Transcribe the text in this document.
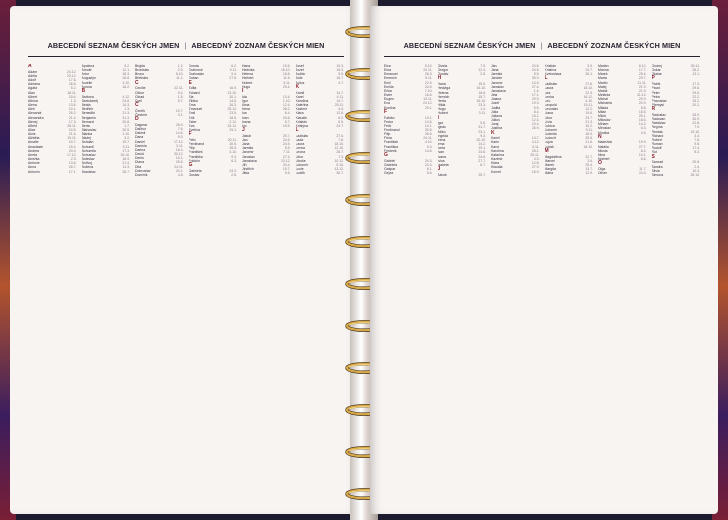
ABECEDNÍ SEZNAM ČESKÝCH JMEN | ABECEDNÝ ZOZNAM ČESKÝCH MIEN
A
Adam	24.12.
Adéla	23.12.
Adolf	17.6.
Adriana	26.8.
Agáta	5.2.
Alan	18.11.
Albert	20.4.
Albína	1.3.
Alena	13.8.
Aleš	10.1.
Alexandr	26.2.
Alexandra	21.4.
Alexej	17.3.
Alfréd	28.11.
Alice	10.5.
Alois	21.6.
Alžběta	19.11.
Amálie	10.7.
Anastázie	15.4.
Andrea	24.9.
Aneta	17.12.
Anežka	2.3.
Antonie	13.6.
Anna	26.7.
Antonín	17.1.
Apolena	9.2.
Arnošt	12.1.
Artur	18.3.
Augustýn	28.8.
Aurelie	3.10.
Aurora	16.2.
B
Barbora	4.12.
Bartoloměj	24.8.
Beáta	14.3.
Bedřich	1.3.
Benedikt	21.3.
Benjamín	31.3.
Bernard	20.8.
Berta	1.7.
Blahoslav	30.5.
Blanka	1.10.
Blažej	3.2.
Bohdan	19.7.
Bohumil	9.11.
Bohumila	17.3.
Bohuslav	26.10.
Boleslav	16.9.
Bořivoj	21.4.
Božena	11.3.
Branislav	26.7.
Brigita	1.2.
Bronislav	2.9.
Bruno	6.10.
Břetislav	11.1.
C
Cecílie	22.11.
Ctibor	9.4.
Ctirad	1.5.
Cyril	5.7.
Č
Čeněk	19.7.
Čestmír	3.1.
D
Dagmar	28.9.
Dalibor	7.6.
Dalimil	14.6.
Dana	9.9.
Daniel	17.12.
Daniela	3.11.
Darina	18.3.
David	30.12.
Denis	10.1.
Diana	25.5.
Dita	24.11.
Dobroslav	24.1.
Dominik	4.8.
Dorota	6.2.
Drahomír	9.11.
Drahoslav	9.4.
Dušan	27.5.
E
Edita	16.9.
Eduard	13.10.
Ela	20.1.
Eliška	14.6.
Ema	26.3.
Emanuel	25.12.
Emil	23.5.
Erik	18.5.
Ester	2.12.
Eva	24.12.
Evelína	29.1.
F
Felix	20.11.
Ferdinand	30.5.
Filip	26.5.
František	4.10.
Františka	9.3.
Fridolín	6.3.
G
Gabriela	24.3.
Gustav	2.8.
Hana	15.5.
Hedvika	16.10.
Helena	18.8.
Herbert	11.6.
Hubert	3.11.
Hugo	29.4.
I
Ida	13.4.
Igor	1.10.
Ilona	12.4.
Irena	28.2.
Iva	6.4.
Ivan	24.6.
Ivana	5.7.
Ivo	19.5.
J
Jakub	25.7.
Jan	24.6.
Jana	24.5.
Jarmila	5.5.
Jaromír	7.11.
Jaroslav	27.4.
Jaroslava	23.12.
Jiří	24.4.
Jindřich	15.7.
Jitka	9.5.
Josef	19.3.
Jozef	19.3.
Judita	5.5.
Julie	16.7.
Julius	4.7.
K
Kamil	14.7.
Karel	4.11.
Karolína	14.7.
Kateřina	25.11.
Kazimír	4.3.
Klára	12.8.
Klaudie	6.2.
Kristián	6.5.
Kristýna	24.7.
L
Ladislav	27.6.
Lada	7.8.
Laura	18.10.
Lenka	12.10.
Leona	28.7.
Libor	7.3.
Libuše	10.12.
Lubomír	5.10.
Lucie	13.12.
Luděk	30.7.
ABECEDNÍ SEZNAM ČESKÝCH JMEN | ABECEDNÝ ZOZNAM ČESKÝCH MIEN
Elza	5.10.
Ema	24.11.
Emanuel	26.3.
Emerich	5.11.
Emil	22.5.
Emília	24.5.
Erika	7.10.
Ester	16.6.
Eugen	13.11.
Eva	24.12.
Evelína	29.1.
F
Fabián	19.1.
Fedor	14.6.
Felix	14.1.
Ferdinand	30.5.
Filip	26.5.
Flóra	24.11.
František	4.10.
Františka	9.3.
Frederik	14.6.
G
Gabriel	24.3.
Gabriela	24.3.
Gašpar	6.1.
Gejza	5.6.
Gizela	7.5.
Gregor	12.3.
Gustáv	2.8.
H
Hana	15.5.
Hedviga	15.10.
Helena	18.8.
Henrich	15.7.
Herta	16.10.
Hilda	23.3.
Hugo	1.4.
Hubert	3.11.
I
Igor	5.6.
Ignác	31.7.
Ildikó	23.1.
Ingrida	9.3.
Irena	20.10.
Irma	14.2.
Iveta	19.1.
Ivan	24.6.
Ivana	24.6.
Ivica	27.7.
Izabela	8.7.
J
Jakub	25.7.
Ján	24.6.
Jana	24.5.
Jarmila	5.5.
Jarolím	30.9.
Jaromír	14.9.
Jaroslav	27.4.
Jaroslava	1.4.
Jela	17.1.
Jolana	29.9.
Jozef	19.3.
Judita	5.5.
Júlia	8.4.
Juliana	16.2.
Július	12.4.
Juraj	24.4.
Justína	26.9.
K
Kamil	14.7.
Karin	4.12.
Karol	4.11.
Karolína	28.1.
Katarína	25.11.
Kazimír	4.3.
Klára	12.8.
Klaudia	27.9.
Kornel	16.9.
Kristián	3.5.
Kristína	24.7.
Kvetoslava	26.1.
L
Ladislav	27.6.
Laura	18.10.
Lea	22.3.
Lenka	16.12.
Leo	4.10.
Leopold	15.11.
Levoslav	12.2.
Liana	19.6.
Libor	23.7.
Lívia	21.3.
Ľubica	10.2.
Ľubomír	9.11.
Ľudmila	16.9.
Ľudovít	25.8.
Lujza	21.6.
Lukáš	18.10.
M
Magdaléna	22.7.
Marcel	2.6.
Marek	25.4.
Margita	13.7.
Mária	12.9.
Marián	8.12.
Marína	17.7.
Marek	25.4.
Marta	29.7.
Martin	11.11.
Matej	21.9.
Matúš	21.9.
Melánia	31.12.
Michal	29.9.
Michaela	20.9.
Milada	5.8.
Milan	18.6.
Miloš	25.1.
Miloslav	18.6.
Miriam	14.2.
Miroslav	6.3.
Monika	4.5.
N
Nadežda	19.9.
Natália	27.7.
Nikola	8.4.
Nina	14.1.
Norbert	6.6.
O
Olga	11.7.
Oliver	24.3.
Ondrej	30.11.
Oskar	26.2.
Otakar	13.1.
P
Patrik	17.3.
Pavol	29.6.
Peter	29.6.
Petra	22.2.
Pravoslav	15.2.
Přemysl	20.2.
R
Radoslav	28.9.
Radovan	30.9.
Rastislav	22.8.
Regína	7.9.
Renáta	15.10.
Richard	3.4.
Robert	7.6.
Roman	9.8.
Rudolf	17.4.
Rút	5.3.
S
Samuel	20.8.
Sandra	2.4.
Silvia	10.3.
Simona	28.10.
